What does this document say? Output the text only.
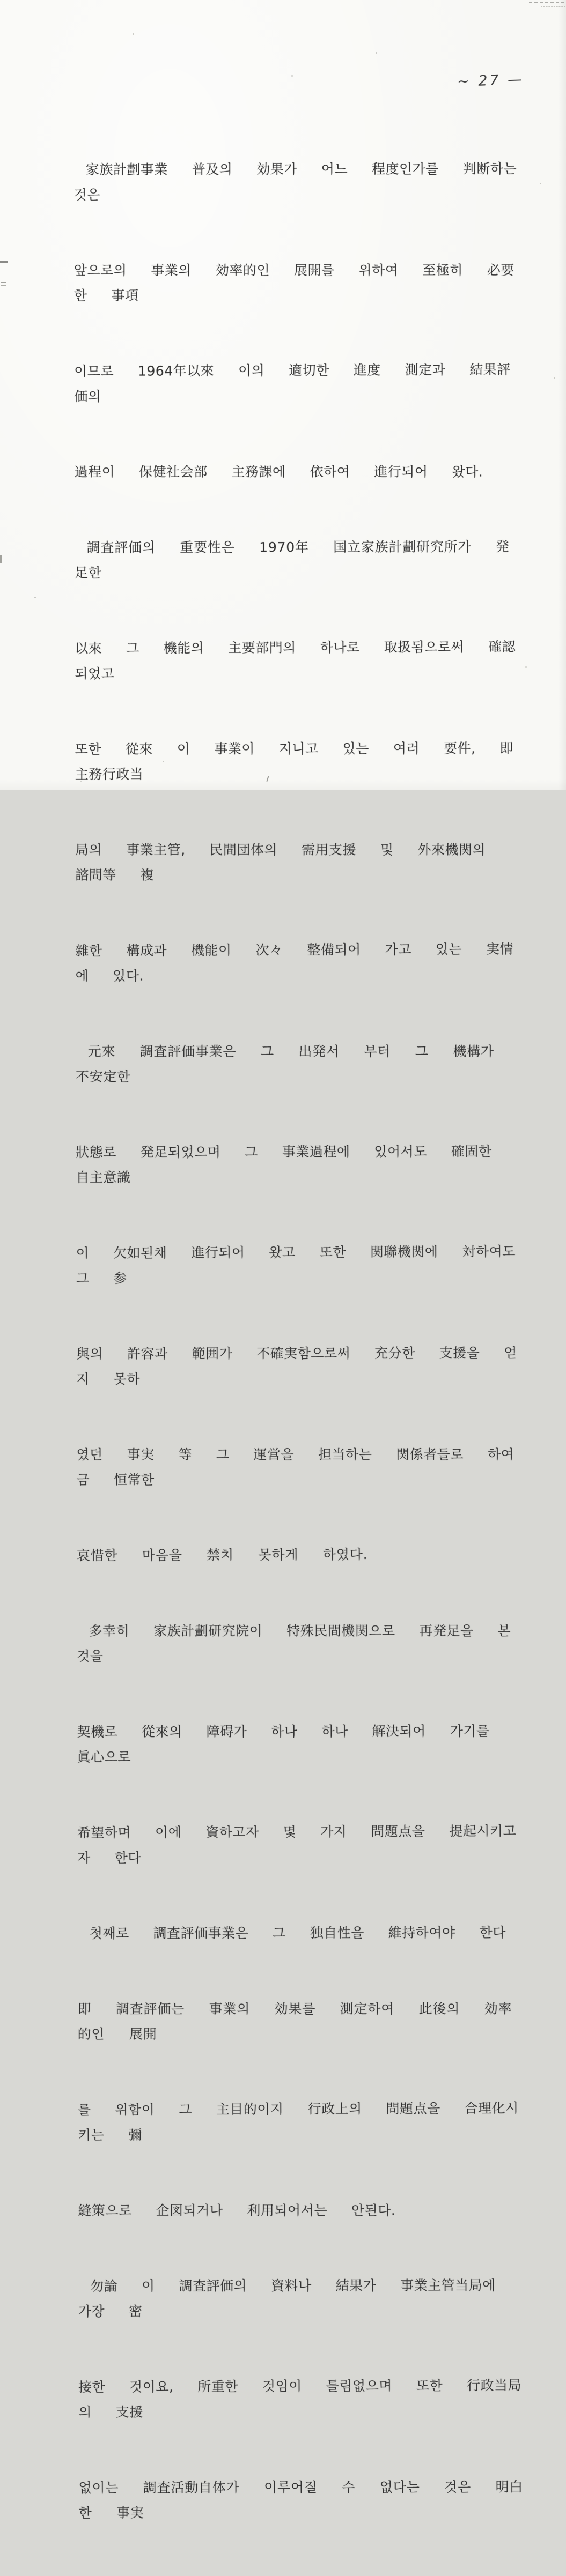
~ 27 —

家族計劃事業  普及의  効果가  어느  程度인가를  判断하는  것은

앞으로의  事業의  効率的인  展開를  위하여  至極히  必要한  事項

이므로  1964年以來  이의  適切한  進度  測定과  結果評価의

過程이  保健社会部  主務課에  依하여  進行되어  왔다.

調査評価의  重要性은  1970年  国立家族計劃研究所가  発足한

以來  그  機能의  主要部門의  하나로  取扱됨으로써  確認되었고

또한  從來  이  事業이  지니고  있는  여러  要件,  即  主務行政当

局의  事業主管,  民間団体의  需用支援  및  外來機関의  諮問等  複

雜한  構成과  機能이  次々  整備되어  가고  있는  実情에  있다.

元來  調査評価事業은  그  出発서  부터  그  機構가  不安定한

狀態로  発足되었으며  그  事業過程에  있어서도  確固한  自主意識

이  欠如된채  進行되어  왔고  또한  関聯機関에  対하여도  그  参

與의  許容과  範囲가  不確実함으로써  充分한  支援을  얻지  못하

였던  事実  等  그  運営을  担当하는  関係者들로  하여금  恒常한

哀惜한  마음을  禁치  못하게  하였다.

多幸히  家族計劃研究院이  特殊民間機関으로  再発足을  본  것을

契機로  從來의  障碍가  하나  하나  解決되어  가기를  眞心으로

希望하며  이에  資하고자  몇  가지  問題点을  提起시키고자  한다

첫째로  調査評価事業은  그  独自性을  維持하여야  한다

即  調査評価는  事業의  効果를  測定하여  此後의  効率的인  展開

를  위함이  그  主目的이지  行政上의  問題点을  合理化시키는  彌

縫策으로  企図되거나  利用되어서는  안된다.

勿論  이  調査評価의  資料나  結果가  事業主管当局에  가장  密

接한  것이요,  所重한  것임이  틀림없으며  또한  行政当局의  支援

없이는  調査活動自体가  이루어질  수  없다는  것은  明白한  事実
